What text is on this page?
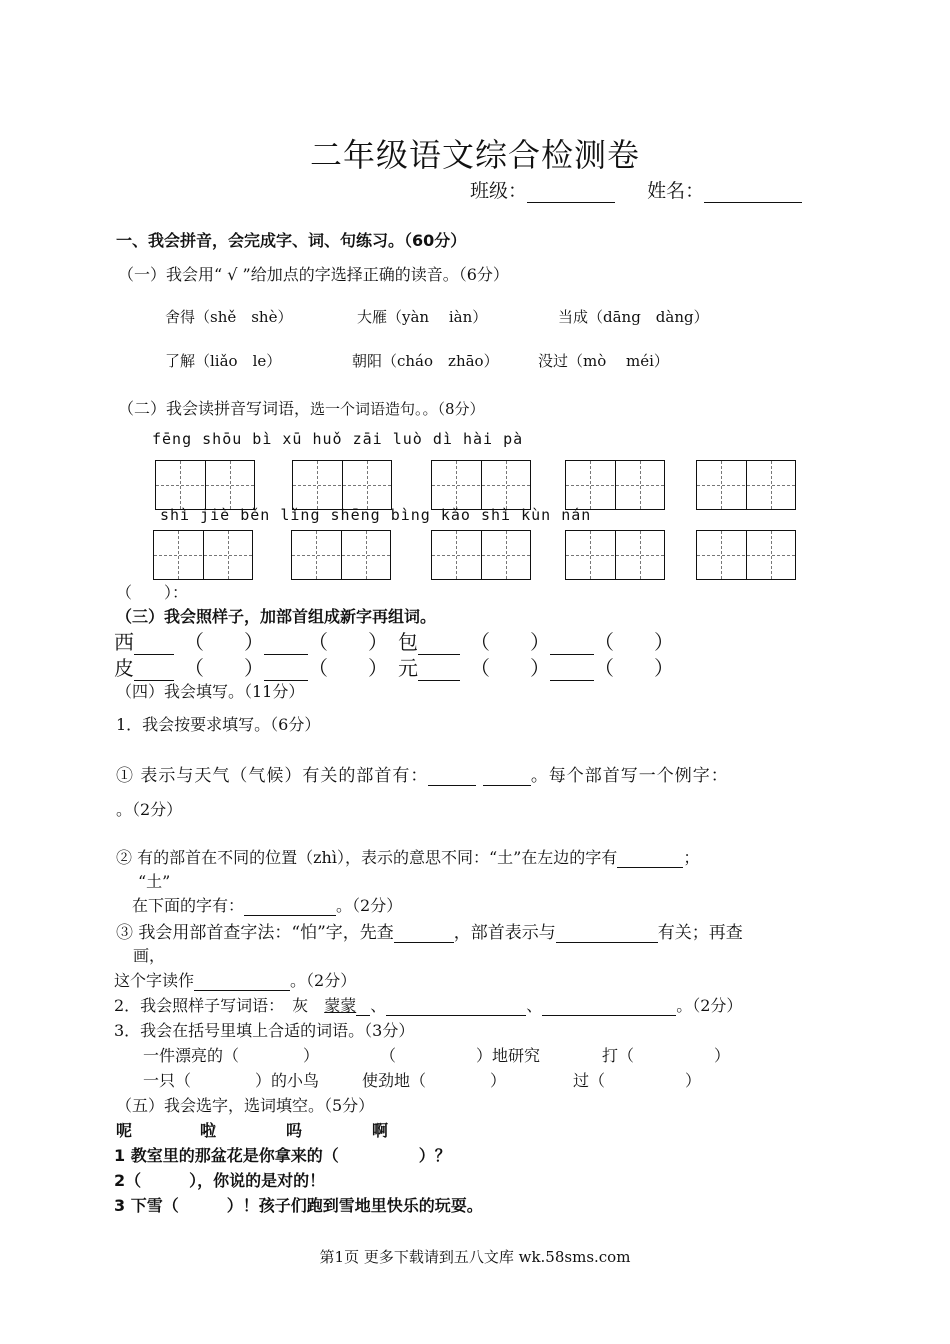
二年级语文综合检测卷
班级：	姓名：
一、我会拼音，会完成字、词、句练习。（60分）
（一）我会用“ √ ”给加点的字选择正确的读音。（6分）
舍得（shě　shè）	大雁（yàn　 iàn）	当成（dāng　dàng）
了解（liǎo　le）	朝阳（cháo　zhāo）	没过（mò　 méi）
（二）我会读拼音写词语，选一个词语造句。。（8分）
fēng shōu bì xū huǒ zāi luò dì hài pà
shì jiè běn lǐng shēng bìng kǎo shì kùn nán
（　　）：
（三）我会照样子，加部首组成新字再组词。
西　（　　） （　　）　包　（　　） （　　）
皮　（　　） （　　）　元　（　　） （　　）
（四）我会填写。（11分）
1．我会按要求填写。（6分）
① 表示与天气（气候）有关的部首有：	。每个部首写一个例字：
。（2分）
② 有的部首在不同的位置（zhì），表示的意思不同：“土”在左边的字有	；
“土”
在下面的字有：	。（2分）
③ 我会用部首查字法：“怕”字，先查	，部首表示与	有关；再查
画，
这个字读作	。（2分）
2．我会照样子写词语：　灰　 蒙蒙 、	、	。（2分）
3．我会在括号里填上合适的词语。（3分）
一件漂亮的（　　　　）	（　　　　　）地研究	打（　　　　　）
一只（　　　　）的小鸟	使劲地（　　　　）	过（　　　　　）
（五）我会选字，选词填空。（5分）
呢	啦	吗	啊
1 教室里的那盆花是你拿来的（　　　　　）？
2（　　　），你说的是对的！
3 下雪（　　　）！孩子们跑到雪地里快乐的玩耍。
第1页 更多下载请到五八文库 wk.58sms.com
